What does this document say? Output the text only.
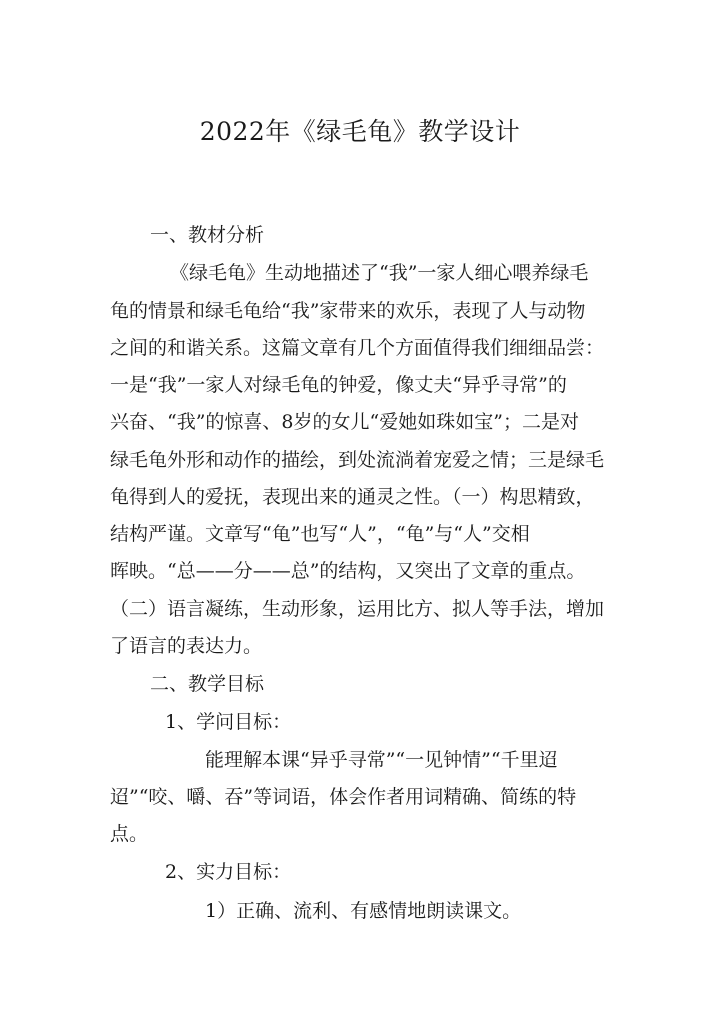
2022年《绿毛龟》教学设计

一、教材分析

《绿毛龟》生动地描述了“我”一家人细心喂养绿毛

龟的情景和绿毛龟给“我”家带来的欢乐，表现了人与动物

之间的和谐关系。这篇文章有几个方面值得我们细细品尝：

一是“我”一家人对绿毛龟的钟爱，像丈夫“异乎寻常”的

兴奋、“我”的惊喜、8岁的女儿“爱她如珠如宝”；二是对

绿毛龟外形和动作的描绘，到处流淌着宠爱之情；三是绿毛

龟得到人的爱抚，表现出来的通灵之性。（一）构思精致，

结构严谨。文章写“龟”也写“人”，“龟”与“人”交相

晖映。“总——分——总”的结构，又突出了文章的重点。

（二）语言凝练，生动形象，运用比方、拟人等手法，增加

了语言的表达力。

二、教学目标

1、学问目标：

能理解本课“异乎寻常”“一见钟情”“千里迢

迢”“咬、嚼、吞”等词语，体会作者用词精确、简练的特

点。

2、实力目标：

1）正确、流利、有感情地朗读课文。
